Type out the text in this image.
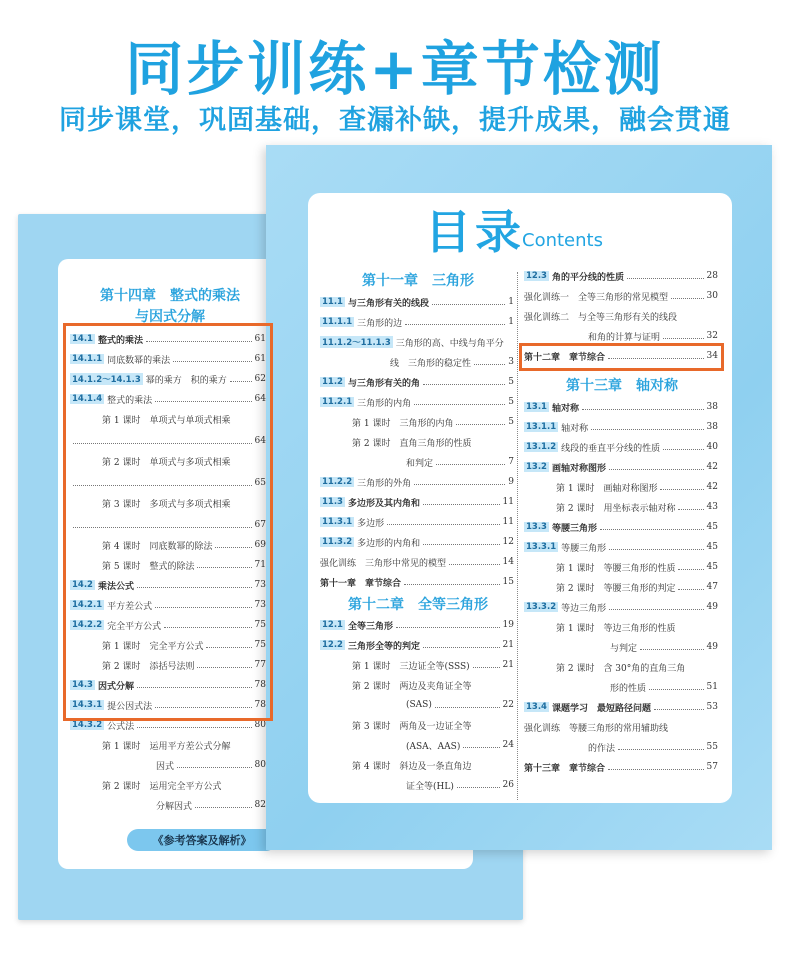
同步训练+章节检测
同步课堂，巩固基础，查漏补缺，提升成果，融会贯通
第十四章　整式的乘法
与因式分解
14.1 整式的乘法	61
14.1.1 同底数幂的乘法	61
14.1.2～14.1.3 幂的乘方　积的乘方	62
14.1.4 整式的乘法	64
第 1 课时　单项式与单项式相乘
64
第 2 课时　单项式与多项式相乘
65
第 3 课时　多项式与多项式相乘
67
第 4 课时　同底数幂的除法	69
第 5 课时　整式的除法	71
14.2 乘法公式	73
14.2.1 平方差公式	73
14.2.2 完全平方公式	75
第 1 课时　完全平方公式	75
第 2 课时　添括号法则	77
14.3 因式分解	78
14.3.1 提公因式法	78
14.3.2 公式法	80
第 1 课时　运用平方差公式分解
因式	80
第 2 课时　运用完全平方公式
分解因式	82
《参考答案及解析》
目录
Contents
第十一章　三角形
11.1 与三角形有关的线段	1
11.1.1 三角形的边	1
11.1.2～11.1.3 三角形的高、中线与角平分
线　三角形的稳定性	3
11.2 与三角形有关的角	5
11.2.1 三角形的内角	5
第 1 课时　三角形的内角	5
第 2 课时　直角三角形的性质
和判定	7
11.2.2 三角形的外角	9
11.3 多边形及其内角和	11
11.3.1 多边形	11
11.3.2 多边形的内角和	12
强化训练　三角形中常见的模型	14
第十一章　章节综合	15
第十二章　全等三角形
12.1 全等三角形	19
12.2 三角形全等的判定	21
第 1 课时　三边证全等(SSS)	21
第 2 课时　两边及夹角证全等
(SAS)	22
第 3 课时　两角及一边证全等
(ASA、AAS)	24
第 4 课时　斜边及一条直角边
证全等(HL)	26
12.3 角的平分线的性质	28
强化训练一　全等三角形的常见模型	30
强化训练二　与全等三角形有关的线段
和角的计算与证明	32
第十二章　章节综合	34
第十三章　轴对称
13.1 轴对称	38
13.1.1 轴对称	38
13.1.2 线段的垂直平分线的性质	40
13.2 画轴对称图形	42
第 1 课时　画轴对称图形	42
第 2 课时　用坐标表示轴对称	43
13.3 等腰三角形	45
13.3.1 等腰三角形	45
第 1 课时　等腰三角形的性质	45
第 2 课时　等腰三角形的判定	47
13.3.2 等边三角形	49
第 1 课时　等边三角形的性质
与判定	49
第 2 课时　含 30°角的直角三角
形的性质	51
13.4 课题学习　最短路径问题	53
强化训练　等腰三角形的常用辅助线
的作法	55
第十三章　章节综合	57
